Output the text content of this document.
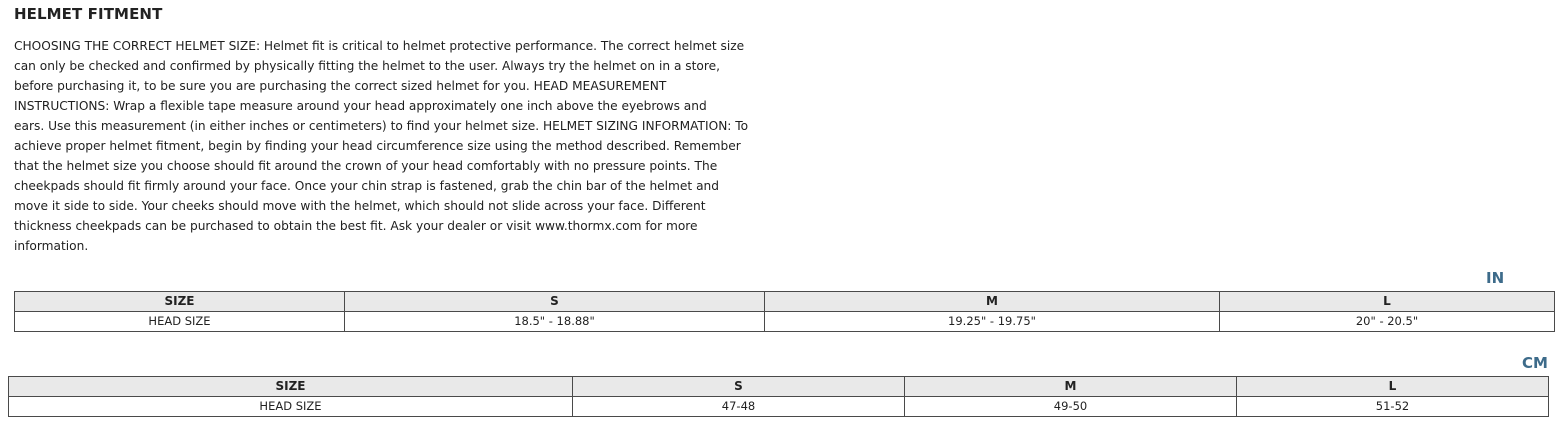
HELMET FITMENT
CHOOSING THE CORRECT HELMET SIZE: Helmet fit is critical to helmet protective performance. The correct helmet size
can only be checked and confirmed by physically fitting the helmet to the user. Always try the helmet on in a store,
before purchasing it, to be sure you are purchasing the correct sized helmet for you. HEAD MEASUREMENT
INSTRUCTIONS: Wrap a flexible tape measure around your head approximately one inch above the eyebrows and
ears. Use this measurement (in either inches or centimeters) to find your helmet size. HELMET SIZING INFORMATION: To
achieve proper helmet fitment, begin by finding your head circumference size using the method described. Remember
that the helmet size you choose should fit around the crown of your head comfortably with no pressure points. The
cheekpads should fit firmly around your face. Once your chin strap is fastened, grab the chin bar of the helmet and
move it side to side. Your cheeks should move with the helmet, which should not slide across your face. Different
thickness cheekpads can be purchased to obtain the best fit. Ask your dealer or visit www.thormx.com for more
information.
IN
SIZE	S	M	L
HEAD SIZE	18.5" - 18.88"	19.25" - 19.75"	20" - 20.5"
CM
SIZE	S	M	L
HEAD SIZE	47-48	49-50	51-52
